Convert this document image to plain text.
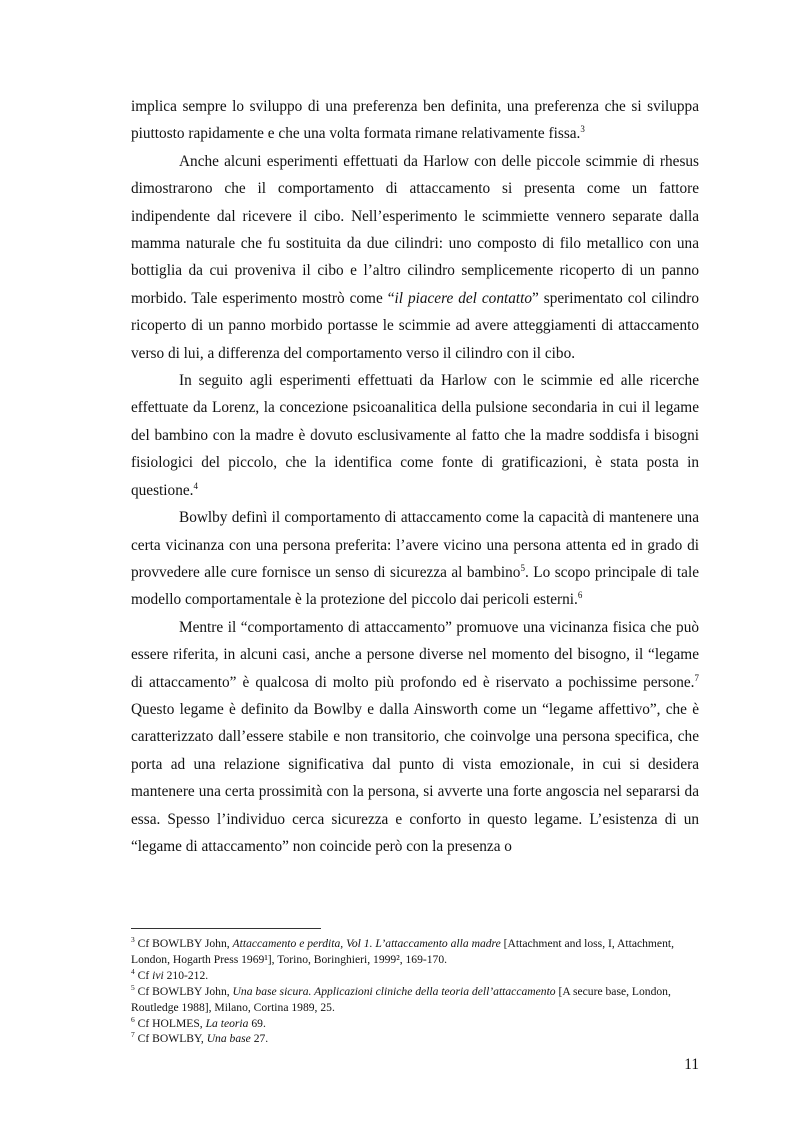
implica sempre lo sviluppo di una preferenza ben definita, una preferenza che si sviluppa piuttosto rapidamente e che una volta formata rimane relativamente fissa.$^3$

Anche alcuni esperimenti effettuati da Harlow con delle piccole scimmie di rhesus dimostrarono che il comportamento di attaccamento si presenta come un fattore indipendente dal ricevere il cibo. Nell’esperimento le scimmiette vennero separate dalla mamma naturale che fu sostituita da due cilindri: uno composto di filo metallico con una bottiglia da cui proveniva il cibo e l’altro cilindro semplicemente ricoperto di un panno morbido. Tale esperimento mostrò come “il piacere del contatto” sperimentato col cilindro ricoperto di un panno morbido portasse le scimmie ad avere atteggiamenti di attaccamento verso di lui, a differenza del comportamento verso il cilindro con il cibo.

In seguito agli esperimenti effettuati da Harlow con le scimmie ed alle ricerche effettuate da Lorenz, la concezione psicoanalitica della pulsione secondaria in cui il legame del bambino con la madre è dovuto esclusivamente al fatto che la madre soddisfa i bisogni fisiologici del piccolo, che la identifica come fonte di gratificazioni, è stata posta in questione.$^4$

Bowlby definì il comportamento di attaccamento come la capacità di mantenere una certa vicinanza con una persona preferita: l’avere vicino una persona attenta ed in grado di provvedere alle cure fornisce un senso di sicurezza al bambino$^5$. Lo scopo principale di tale modello comportamentale è la protezione del piccolo dai pericoli esterni.$^6$

Mentre il “comportamento di attaccamento” promuove una vicinanza fisica che può essere riferita, in alcuni casi, anche a persone diverse nel momento del bisogno, il “legame di attaccamento” è qualcosa di molto più profondo ed è riservato a pochissime persone.$^7$ Questo legame è definito da Bowlby e dalla Ainsworth come un “legame affettivo”, che è caratterizzato dall’essere stabile e non transitorio, che coinvolge una persona specifica, che porta ad una relazione significativa dal punto di vista emozionale, in cui si desidera mantenere una certa prossimità con la persona, si avverte una forte angoscia nel separarsi da essa. Spesso l’individuo cerca sicurezza e conforto in questo legame. L’esistenza di un “legame di attaccamento” non coincide però con la presenza o

$^3$ Cf BOWLBY John, Attaccamento e perdita, Vol 1. L’attaccamento alla madre [Attachment and loss, I, Attachment, London, Hogarth Press 1969¹], Torino, Boringhieri, 1999², 169-170.
$^4$ Cf ivi 210-212.
$^5$ Cf BOWLBY John, Una base sicura. Applicazioni cliniche della teoria dell’attaccamento [A secure base, London, Routledge 1988], Milano, Cortina 1989, 25.
$^6$ Cf HOLMES, La teoria 69.
$^7$ Cf BOWLBY, Una base 27.
11
